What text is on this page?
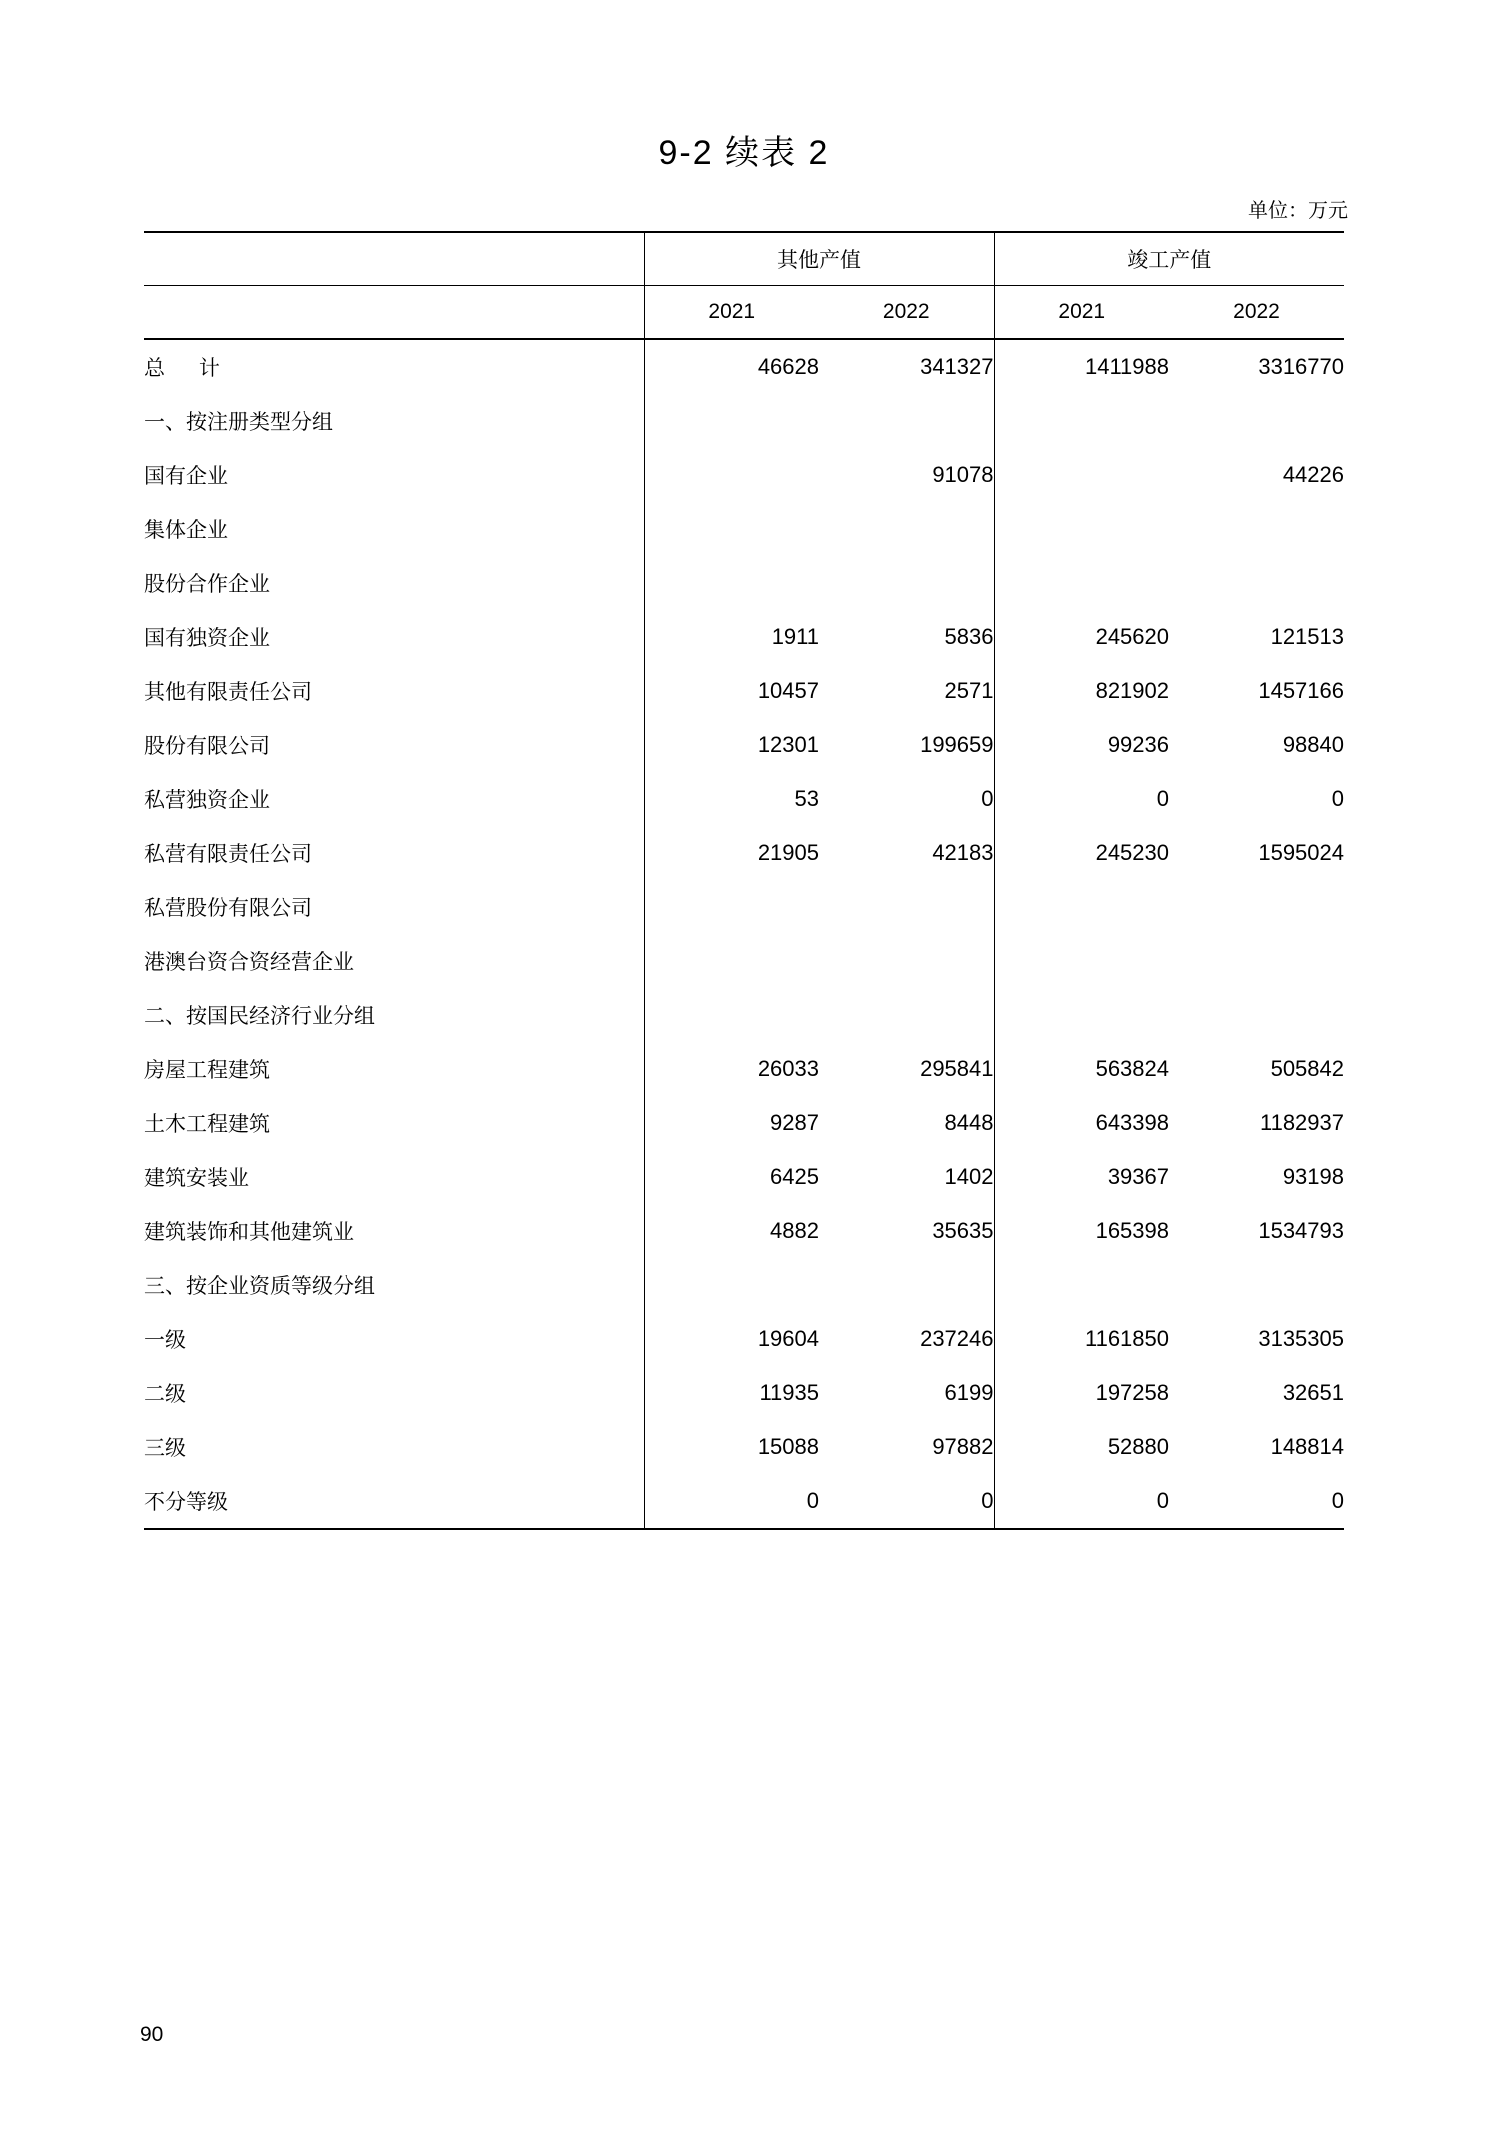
9-2 续表 2
单位：万元
	其他产值		竣工产值	
	2021	2022	2021	2022
总 计	46628	341327	1411988	3316770
一、按注册类型分组				
国有企业		91078		44226
集体企业				
股份合作企业				
国有独资企业	1911	5836	245620	121513
其他有限责任公司	10457	2571	821902	1457166
股份有限公司	12301	199659	99236	98840
私营独资企业	53	0	0	0
私营有限责任公司	21905	42183	245230	1595024
私营股份有限公司				
港澳台资合资经营企业				
二、按国民经济行业分组				
房屋工程建筑	26033	295841	563824	505842
土木工程建筑	9287	8448	643398	1182937
建筑安装业	6425	1402	39367	93198
建筑装饰和其他建筑业	4882	35635	165398	1534793
三、按企业资质等级分组				
一级	19604	237246	1161850	3135305
二级	11935	6199	197258	32651
三级	15088	97882	52880	148814
不分等级	0	0	0	0

90
